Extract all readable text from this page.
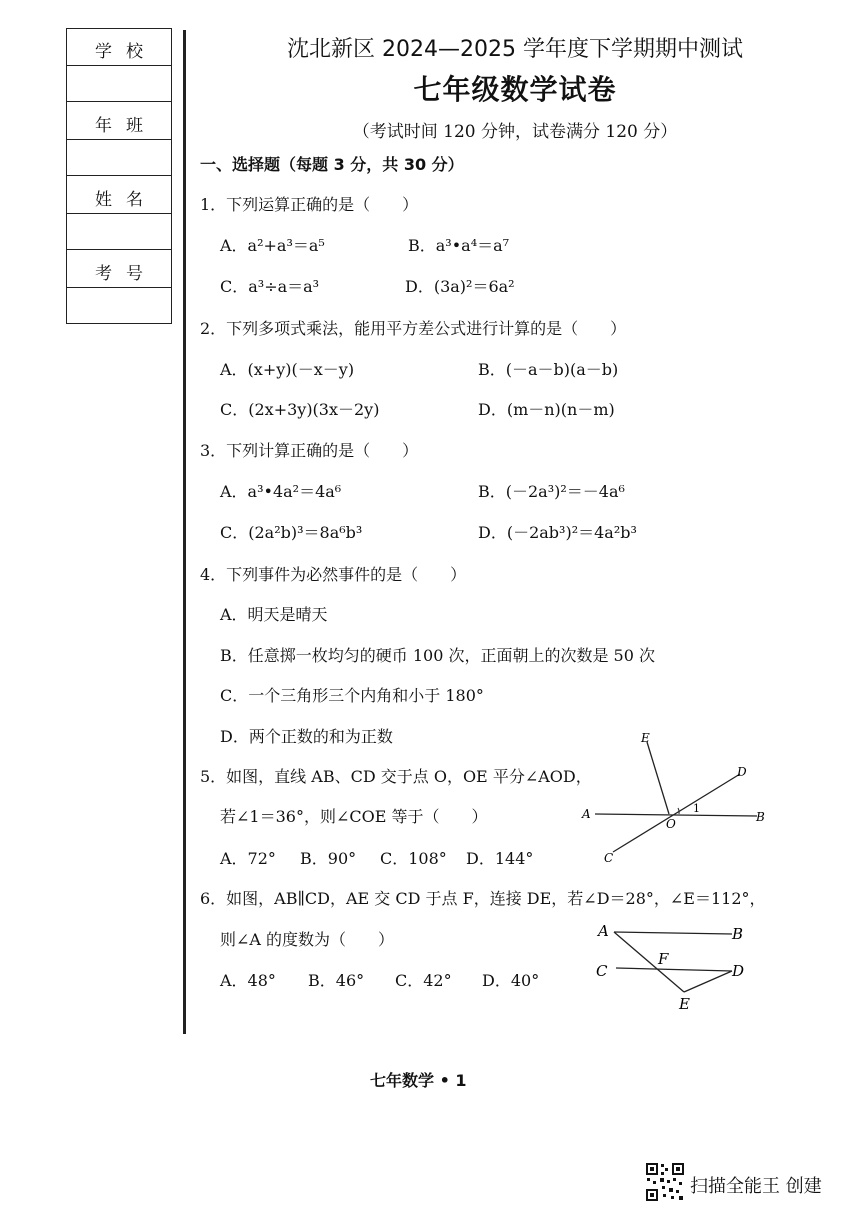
学校
年班
姓名
考号
沈北新区 2024—2025 学年度下学期期中测试
七年级数学试卷
（考试时间 120 分钟，试卷满分 120 分）
一、选择题（每题 3 分，共 30 分）
1．下列运算正确的是（　　）
A．a²+a³＝a⁵	B．a³•a⁴＝a⁷
C．a³÷a＝a³	D．(3a)²＝6a²
2．下列多项式乘法，能用平方差公式进行计算的是（　　）
A．(x+y)(－x－y)	B．(－a－b)(a－b)
C．(2x+3y)(3x－2y)	D．(m－n)(n－m)
3．下列计算正确的是（　　）
A．a³•4a²＝4a⁶	B．(－2a³)²＝－4a⁶
C．(2a²b)³＝8a⁶b³	D．(－2ab³)²＝4a²b³
4．下列事件为必然事件的是（　　）
A．明天是晴天
B．任意掷一枚均匀的硬币 100 次，正面朝上的次数是 50 次
C．一个三角形三个内角和小于 180°
D．两个正数的和为正数
5．如图，直线 AB、CD 交于点 O，OE 平分∠AOD，
若∠1＝36°，则∠COE 等于（　　）
A．72° B．90° C．108° D．144°
E
D
A
O
1
B
C
6．如图，AB∥CD，AE 交 CD 于点 F，连接 DE，若∠D＝28°，∠E＝112°，
则∠A 的度数为（　　）
A．48° B．46° C．42° D．40°
A	B
C
F
D
E
七年数学 • 1
扫描全能王 创建
